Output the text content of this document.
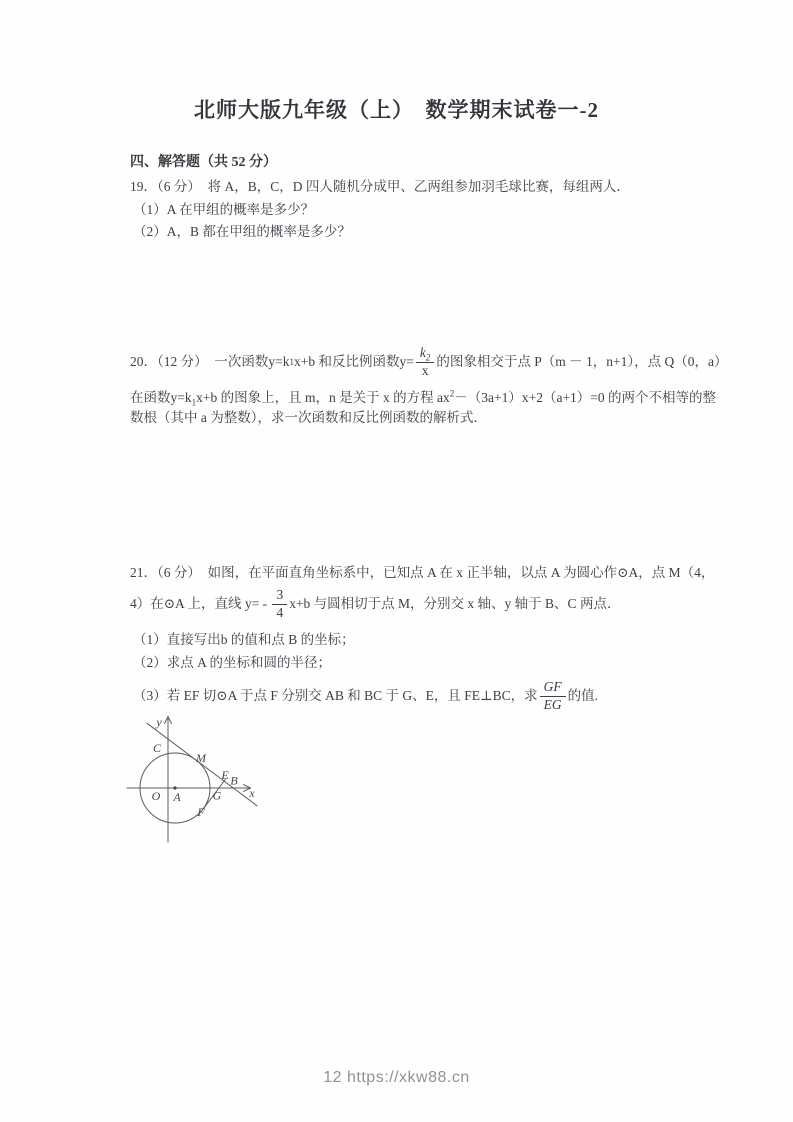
北师大版九年级（上）　数学期末试卷一-2
四、解答题（共 52 分）
19．（6 分）　将 A，B，C，D 四人随机分成甲、乙两组参加羽毛球比赛，每组两人．
（1）A 在甲组的概率是多少？
（2）A，B 都在甲组的概率是多少？
20．（12 分）　一次函数y=k 1 x+b 和反比例函数$y= \frac{k_2}{x}$ 的图象相交于点 P（m － 1，n+1），点 Q（0，a）
在函数$y=k_1x+b$ 的图象上，且 m，n 是关于 x 的方程 $ax^2-(3a+1)x+2(a+1)=0$ 的两个不相等的整
数根（其中 a 为整数），求一次函数和反比例函数的解析式．
21．（6 分）　如图，在平面直角坐标系中，已知点 A 在 x 正半轴，以点 A 为圆心作⊙A，点 M（4，
4）在⊙A 上，直线 $y= - \frac{3}{4} x+b$ 与圆相切于点 M，分别交 x 轴、y 轴于 B、C 两点．
（1）直接写出b 的值和点 B 的坐标；
（2）求点 A 的坐标和圆的半径；
（3）若 EF 切⊙A 于点 F 分别交 AB 和 BC 于 G、E，且 FE⊥BC，求 $\frac{GF}{EG}$ 的值.
y
x
C
M
E B
G
F
O A
12 https://xkw88.cn
